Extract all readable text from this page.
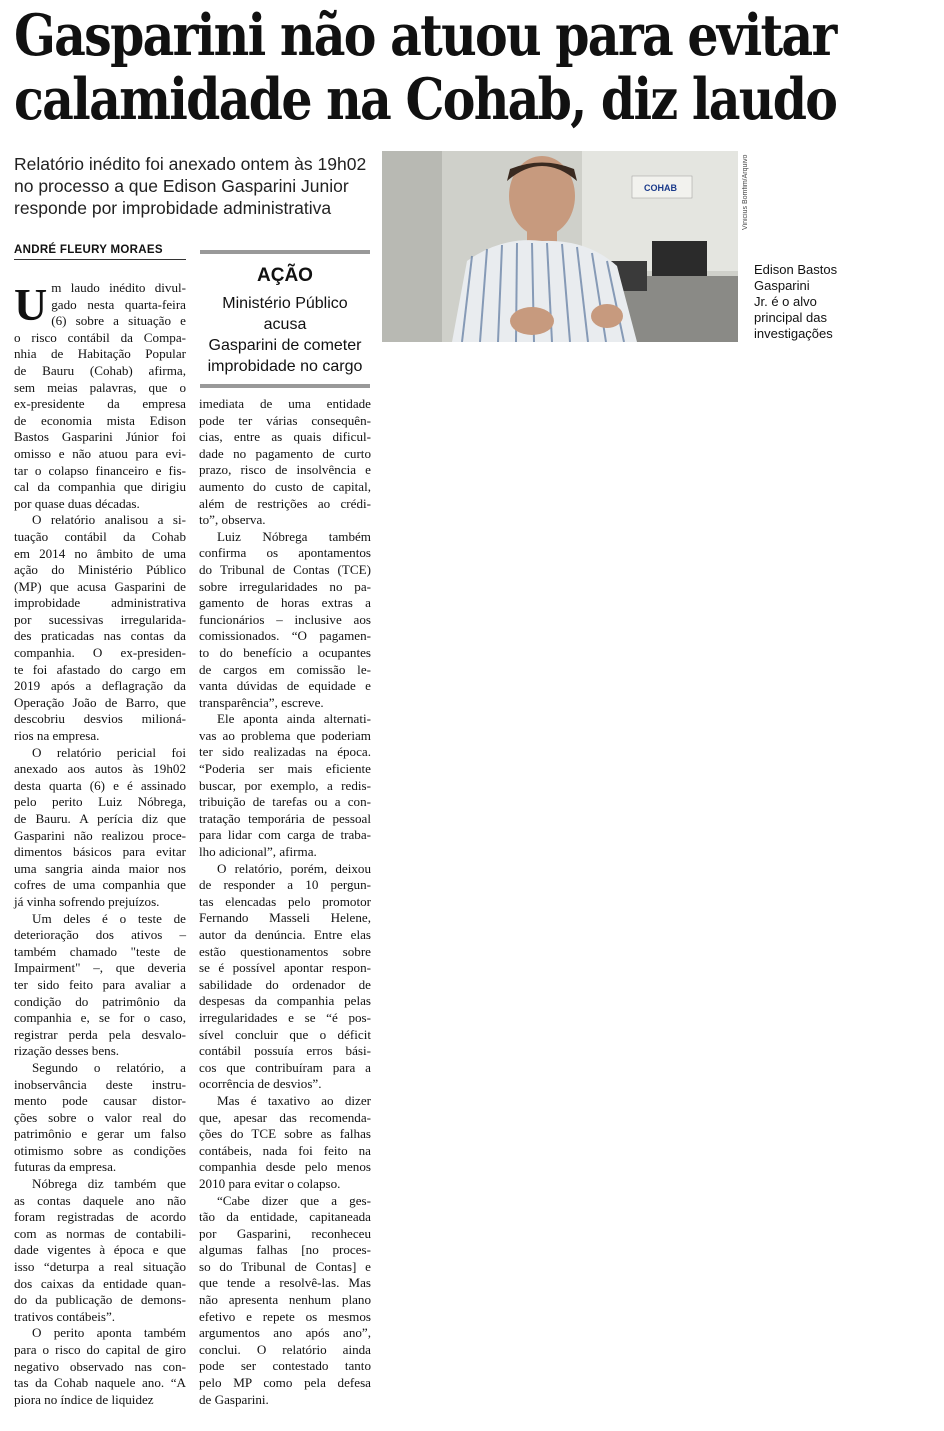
Gasparini não atuou para evitar
calamidade na Cohab, diz laudo
Relatório inédito foi anexado ontem às 19h02
no processo a que Edison Gasparini Junior
responde por improbidade administrativa
ANDRÉ FLEURY MORAES
COHAB	Vinicius Bomfim/Arquivo
Edison Bastos
Gasparini
Jr. é o alvo
principal das
investigações
AÇÃO
Ministério Público acusa
Gasparini de cometer
improbidade no cargo
U m laudo inédito divul-

gado nesta quarta-feira

(6) sobre a situação e

o risco contábil da Compa-

nhia de Habitação Popular

de Bauru (Cohab) afirma,

sem meias palavras, que o

ex-presidente da empresa

de economia mista Edison

Bastos Gasparini Júnior foi

omisso e não atuou para evi-

tar o colapso financeiro e fis-

cal da companhia que dirigiu

por quase duas décadas.

O relatório analisou a si-

tuação contábil da Cohab

em 2014 no âmbito de uma

ação do Ministério Público

(MP) que acusa Gasparini de

improbidade administrativa

por sucessivas irregularida-

des praticadas nas contas da

companhia. O ex-presiden-

te foi afastado do cargo em

2019 após a deflagração da

Operação João de Barro, que

descobriu desvios milioná-

rios na empresa.

O relatório pericial foi

anexado aos autos às 19h02

desta quarta (6) e é assinado

pelo perito Luiz Nóbrega,

de Bauru. A perícia diz que

Gasparini não realizou proce-

dimentos básicos para evitar

uma sangria ainda maior nos

cofres de uma companhia que

já vinha sofrendo prejuízos.

Um deles é o teste de

deterioração dos ativos –

também chamado "teste de

Impairment" –, que deveria

ter sido feito para avaliar a

condição do patrimônio da

companhia e, se for o caso,

registrar perda pela desvalo-

rização desses bens.

Segundo o relatório, a

inobservância deste instru-

mento pode causar distor-

ções sobre o valor real do

patrimônio e gerar um falso

otimismo sobre as condições

futuras da empresa.

Nóbrega diz também que

as contas daquele ano não

foram registradas de acordo

com as normas de contabili-

dade vigentes à época e que

isso “deturpa a real situação

dos caixas da entidade quan-

do da publicação de demons-

trativos contábeis”.

O perito aponta também

para o risco do capital de giro

negativo observado nas con-

tas da Cohab naquele ano. “A

piora no índice de liquidez

imediata de uma entidade

pode ter várias consequên-

cias, entre as quais dificul-

dade no pagamento de curto

prazo, risco de insolvência e

aumento do custo de capital,

além de restrições ao crédi-

to”, observa.

Luiz Nóbrega também

confirma os apontamentos

do Tribunal de Contas (TCE)

sobre irregularidades no pa-

gamento de horas extras a

funcionários – inclusive aos

comissionados. “O pagamen-

to do benefício a ocupantes

de cargos em comissão le-

vanta dúvidas de equidade e

transparência”, escreve.

Ele aponta ainda alternati-

vas ao problema que poderiam

ter sido realizadas na época.

“Poderia ser mais eficiente

buscar, por exemplo, a redis-

tribuição de tarefas ou a con-

tratação temporária de pessoal

para lidar com carga de traba-

lho adicional”, afirma.

O relatório, porém, deixou

de responder a 10 pergun-

tas elencadas pelo promotor

Fernando Masseli Helene,

autor da denúncia. Entre elas

estão questionamentos sobre

se é possível apontar respon-

sabilidade do ordenador de

despesas da companhia pelas

irregularidades e se “é pos-

sível concluir que o déficit

contábil possuía erros bási-

cos que contribuíram para a

ocorrência de desvios”.

Mas é taxativo ao dizer

que, apesar das recomenda-

ções do TCE sobre as falhas

contábeis, nada foi feito na

companhia desde pelo menos

2010 para evitar o colapso.

“Cabe dizer que a ges-

tão da entidade, capitaneada

por Gasparini, reconheceu

algumas falhas [no proces-

so do Tribunal de Contas] e

que tende a resolvê-las. Mas

não apresenta nenhum plano

efetivo e repete os mesmos

argumentos ano após ano”,

conclui. O relatório ainda

pode ser contestado tanto

pelo MP como pela defesa

de Gasparini.
